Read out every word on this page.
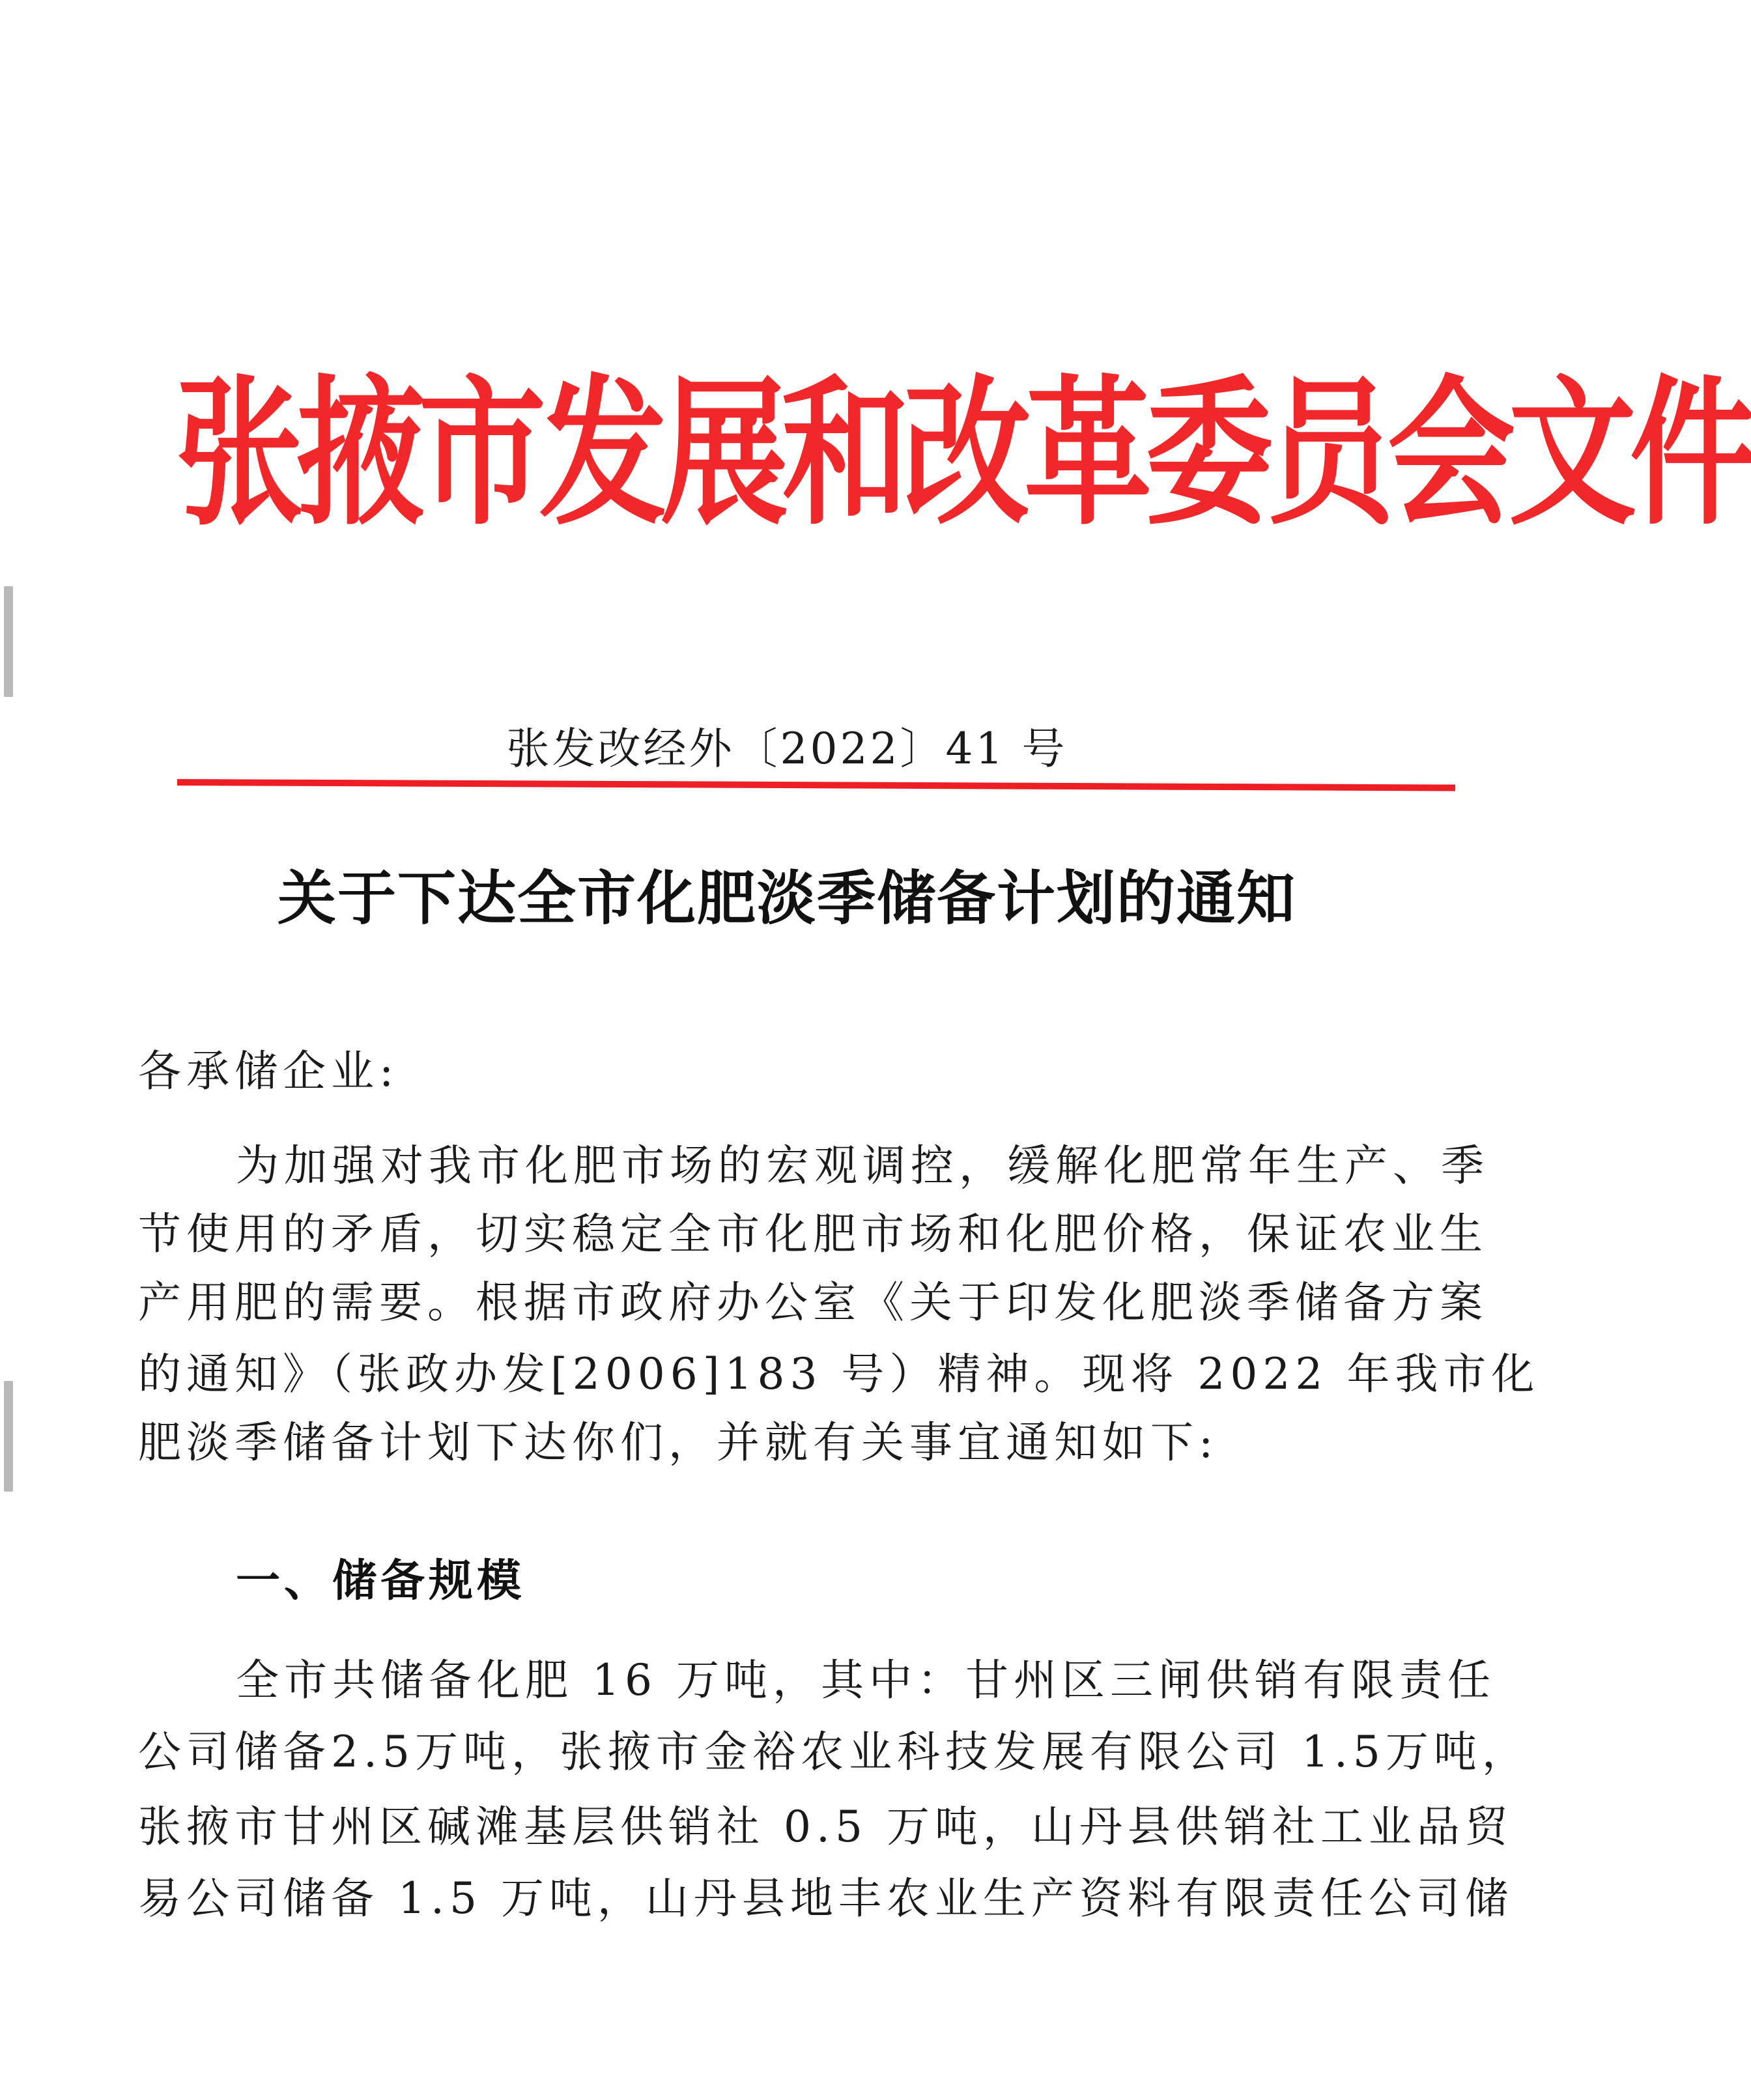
张掖市发展和改革委员会文件
张发改经外〔2022〕41 号
关于下达全市化肥淡季储备计划的通知
各承储企业:
为加强对我市化肥市场的宏观调控，缓解化肥常年生产、季
节使用的矛盾，切实稳定全市化肥市场和化肥价格，保证农业生
产用肥的需要。根据市政府办公室《关于印发化肥淡季储备方案
的通知》（张政办发[2006]183 号）精神。现将 2022 年我市化
肥淡季储备计划下达你们，并就有关事宜通知如下:
一、储备规模
全市共储备化肥 16 万吨，其中：甘州区三闸供销有限责任
公司储备2.5万吨，张掖市金裕农业科技发展有限公司 1.5万吨，
张掖市甘州区碱滩基层供销社 0.5 万吨，山丹县供销社工业品贸
易公司储备 1.5 万吨，山丹县地丰农业生产资料有限责任公司储
